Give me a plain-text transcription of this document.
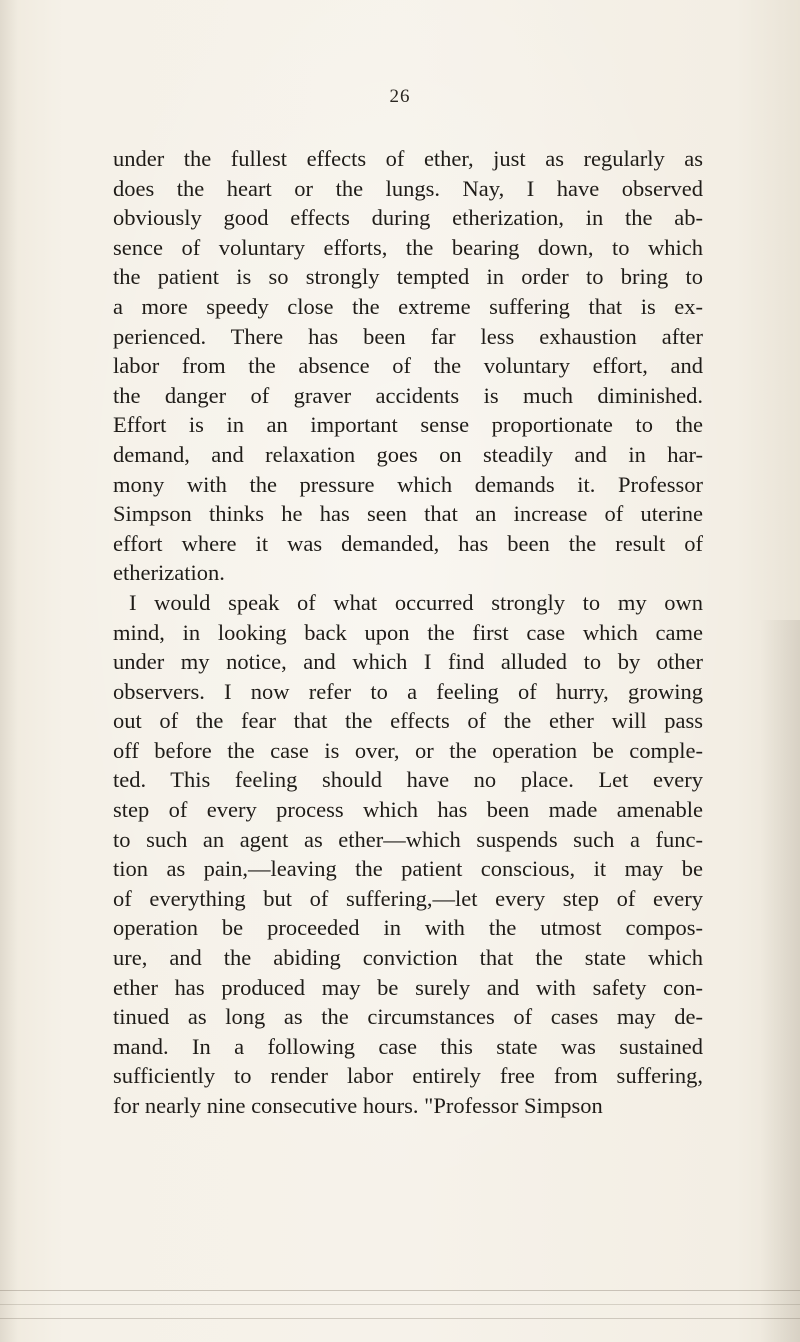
26
under the fullest effects of ether, just as regularly as
does the heart or the lungs. Nay, I have observed
obviously good effects during etherization, in the ab-
sence of voluntary efforts, the bearing down, to which
the patient is so strongly tempted in order to bring to
a more speedy close the extreme suffering that is ex-
perienced. There has been far less exhaustion after
labor from the absence of the voluntary effort, and
the danger of graver accidents is much diminished.
Effort is in an important sense proportionate to the
demand, and relaxation goes on steadily and in har-
mony with the pressure which demands it. Professor
Simpson thinks he has seen that an increase of uterine
effort where it was demanded, has been the result of
etherization.
I would speak of what occurred strongly to my own
mind, in looking back upon the first case which came
under my notice, and which I find alluded to by other
observers. I now refer to a feeling of hurry, growing
out of the fear that the effects of the ether will pass
off before the case is over, or the operation be comple-
ted. This feeling should have no place. Let every
step of every process which has been made amenable
to such an agent as ether—which suspends such a func-
tion as pain,—leaving the patient conscious, it may be
of everything but of suffering,—let every step of every
operation be proceeded in with the utmost compos-
ure, and the abiding conviction that the state which
ether has produced may be surely and with safety con-
tinued as long as the circumstances of cases may de-
mand. In a following case this state was sustained
sufficiently to render labor entirely free from suffering,
for nearly nine consecutive hours. "Professor Simpson
